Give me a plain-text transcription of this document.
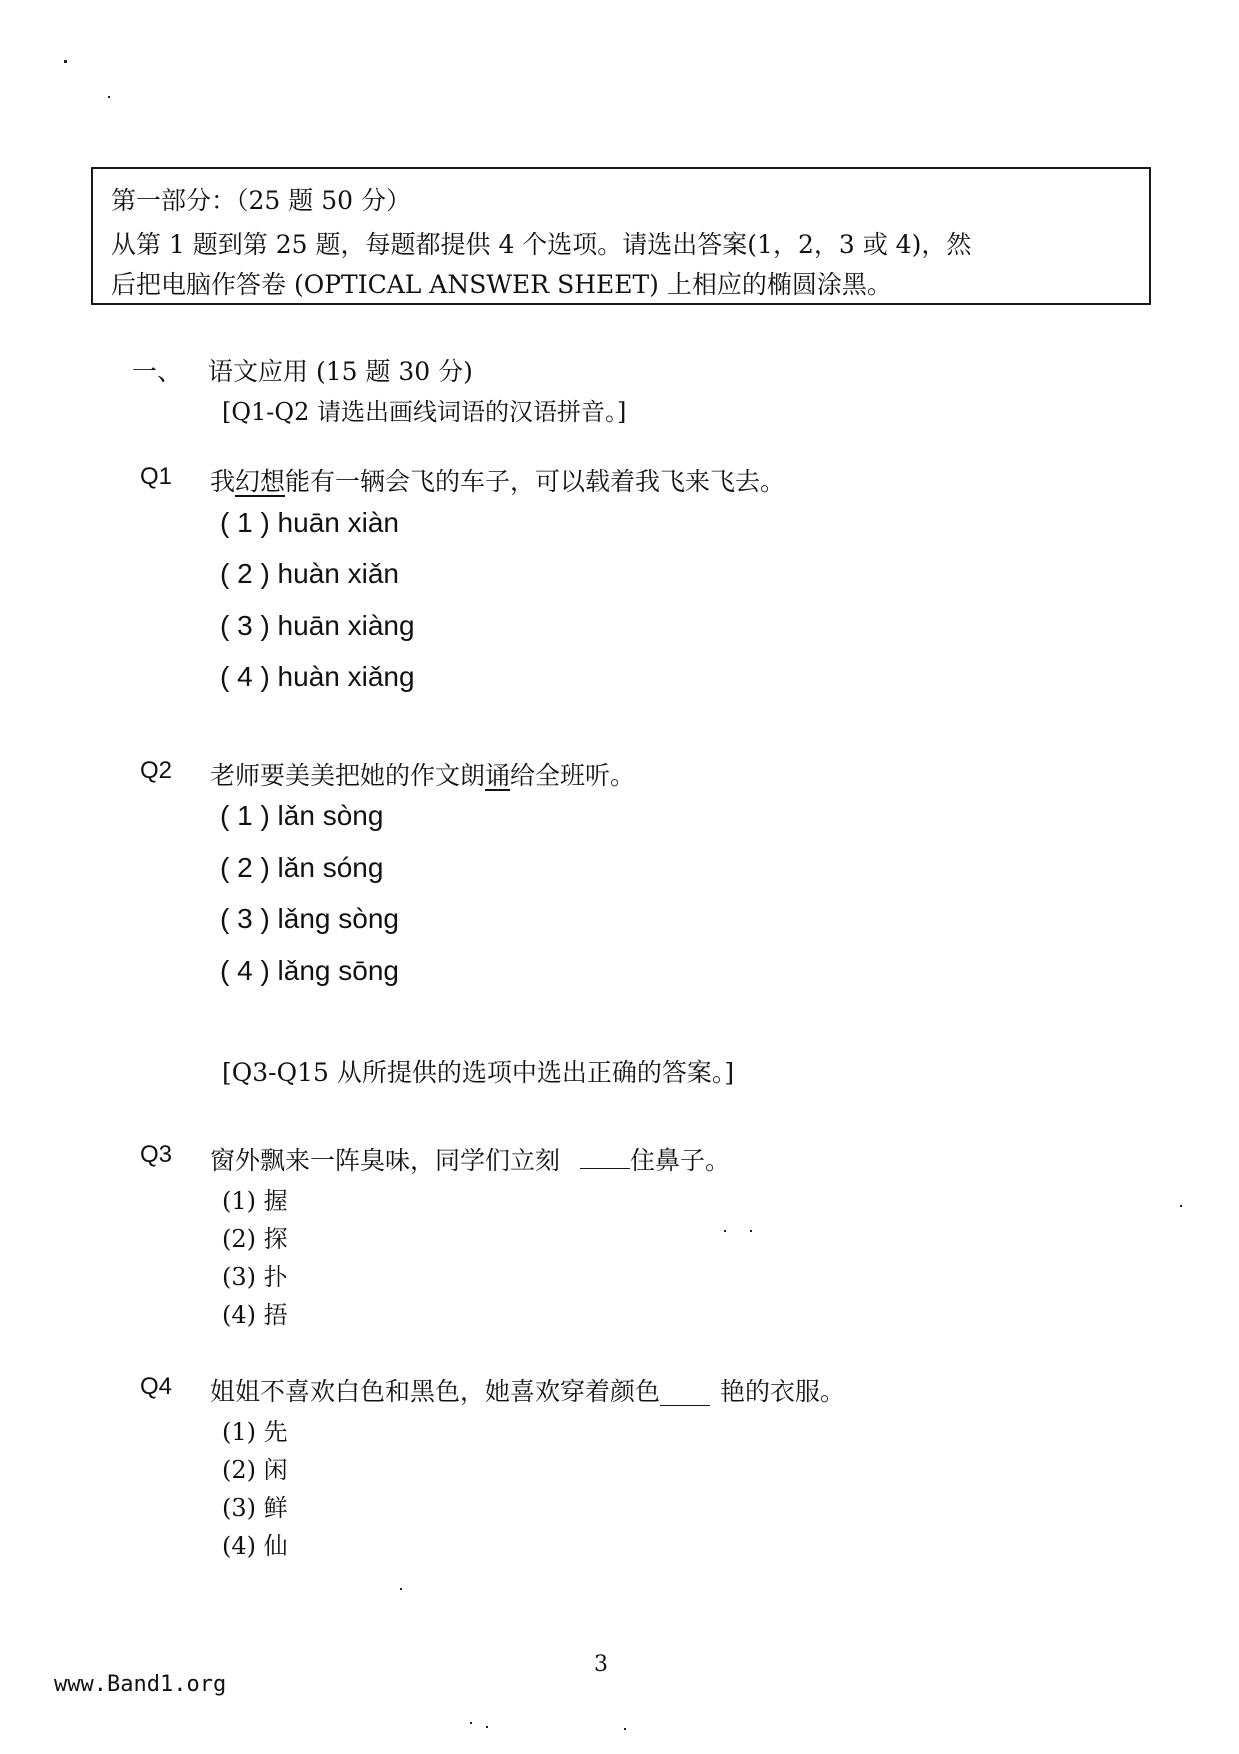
第一部分：（25 题 50 分）
从第 1 题到第 25 题，每题都提供 4 个选项。请选出答案(1，2，3 或 4)，然
后把电脑作答卷 (OPTICAL ANSWER SHEET) 上相应的椭圆涂黑。
一、 语文应用 (15 题 30 分)
[Q1-Q2 请选出画线词语的汉语拼音。]
Q1 我幻想能有一辆会飞的车子，可以载着我飞来飞去。
( 1 ) huān xiàn
( 2 ) huàn xiǎn
( 3 ) huān xiàng
( 4 ) huàn xiǎng
Q2 老师要美美把她的作文朗诵给全班听。
( 1 ) lǎn sòng
( 2 ) lǎn sóng
( 3 ) lǎng sòng
( 4 ) lǎng sōng
[Q3-Q15 从所提供的选项中选出正确的答案。]
Q3 窗外飘来一阵臭味，同学们立刻 ____ 住鼻子。
(1) 握
(2) 探
(3) 扑
(4) 捂
Q4 姐姐不喜欢白色和黑色，她喜欢穿着颜色____ 艳的衣服。
(1) 先
(2) 闲
(3) 鲜
(4) 仙
3
www.Band1.org
